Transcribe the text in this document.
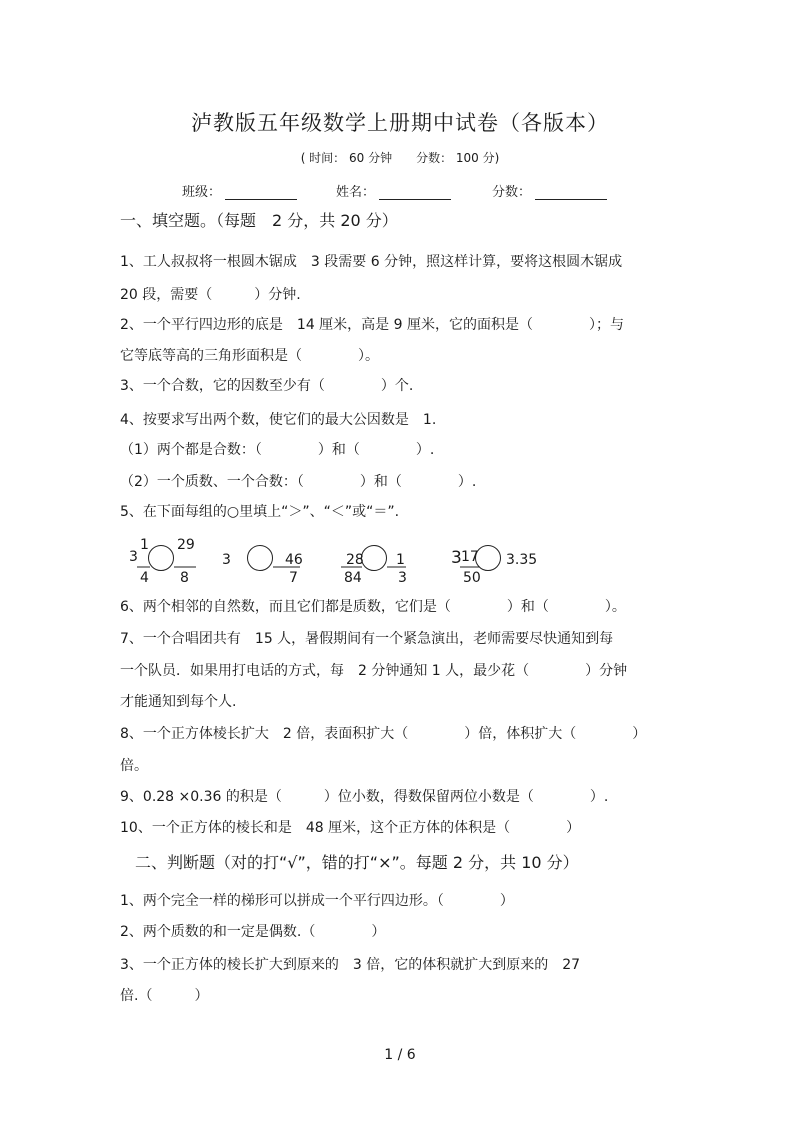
泸教版五年级数学上册期中试卷（各版本）
( 时间： 60 分钟　　分数： 100 分)
班级：	姓名：	分数：
一、填空题。（每题　2 分，共 20 分）
1、工人叔叔将一根圆木锯成　3 段需要 6 分钟，照这样计算，要将这根圆木锯成
20 段，需要（　　　）分钟.
2、一个平行四边形的底是　14 厘米，高是 9 厘米，它的面积是（　　　　）；与
它等底等高的三角形面积是（　　　　）。
3、一个合数，它的因数至少有（　　　　）个.
4、按要求写出两个数，使它们的最大公因数是　1.
（1）两个都是合数：（　　　　）和（　　　　）.
（2）一个质数、一个合数：（　　　　）和（　　　　）.
5、在下面每组的○里填上“＞”、“＜”或“＝”.
3
1
4
29
8
3	46
7
28
84
1
3
3 17
50
3.35
6、两个相邻的自然数，而且它们都是质数，它们是（　　　　）和（　　　　）。
7、一个合唱团共有　15 人，暑假期间有一个紧急演出，老师需要尽快通知到每
一个队员．如果用打电话的方式，每　2 分钟通知 1 人，最少花（　　　　）分钟
才能通知到每个人.
8、一个正方体棱长扩大　2 倍，表面积扩大（　　　　）倍，体积扩大（　　　　）
倍。
9、0.28 ×0.36 的积是（　　　）位小数，得数保留两位小数是（　　　　）.
10、一个正方体的棱长和是　48 厘米，这个正方体的体积是（　　　　）
二、判断题（对的打“√”，错的打“×”。每题 2 分，共 10 分）
1、两个完全一样的梯形可以拼成一个平行四边形。（　　　　）
2、两个质数的和一定是偶数.（　　　　）
3、一个正方体的棱长扩大到原来的　3 倍，它的体积就扩大到原来的　27
倍.（　　　）
1 / 6
